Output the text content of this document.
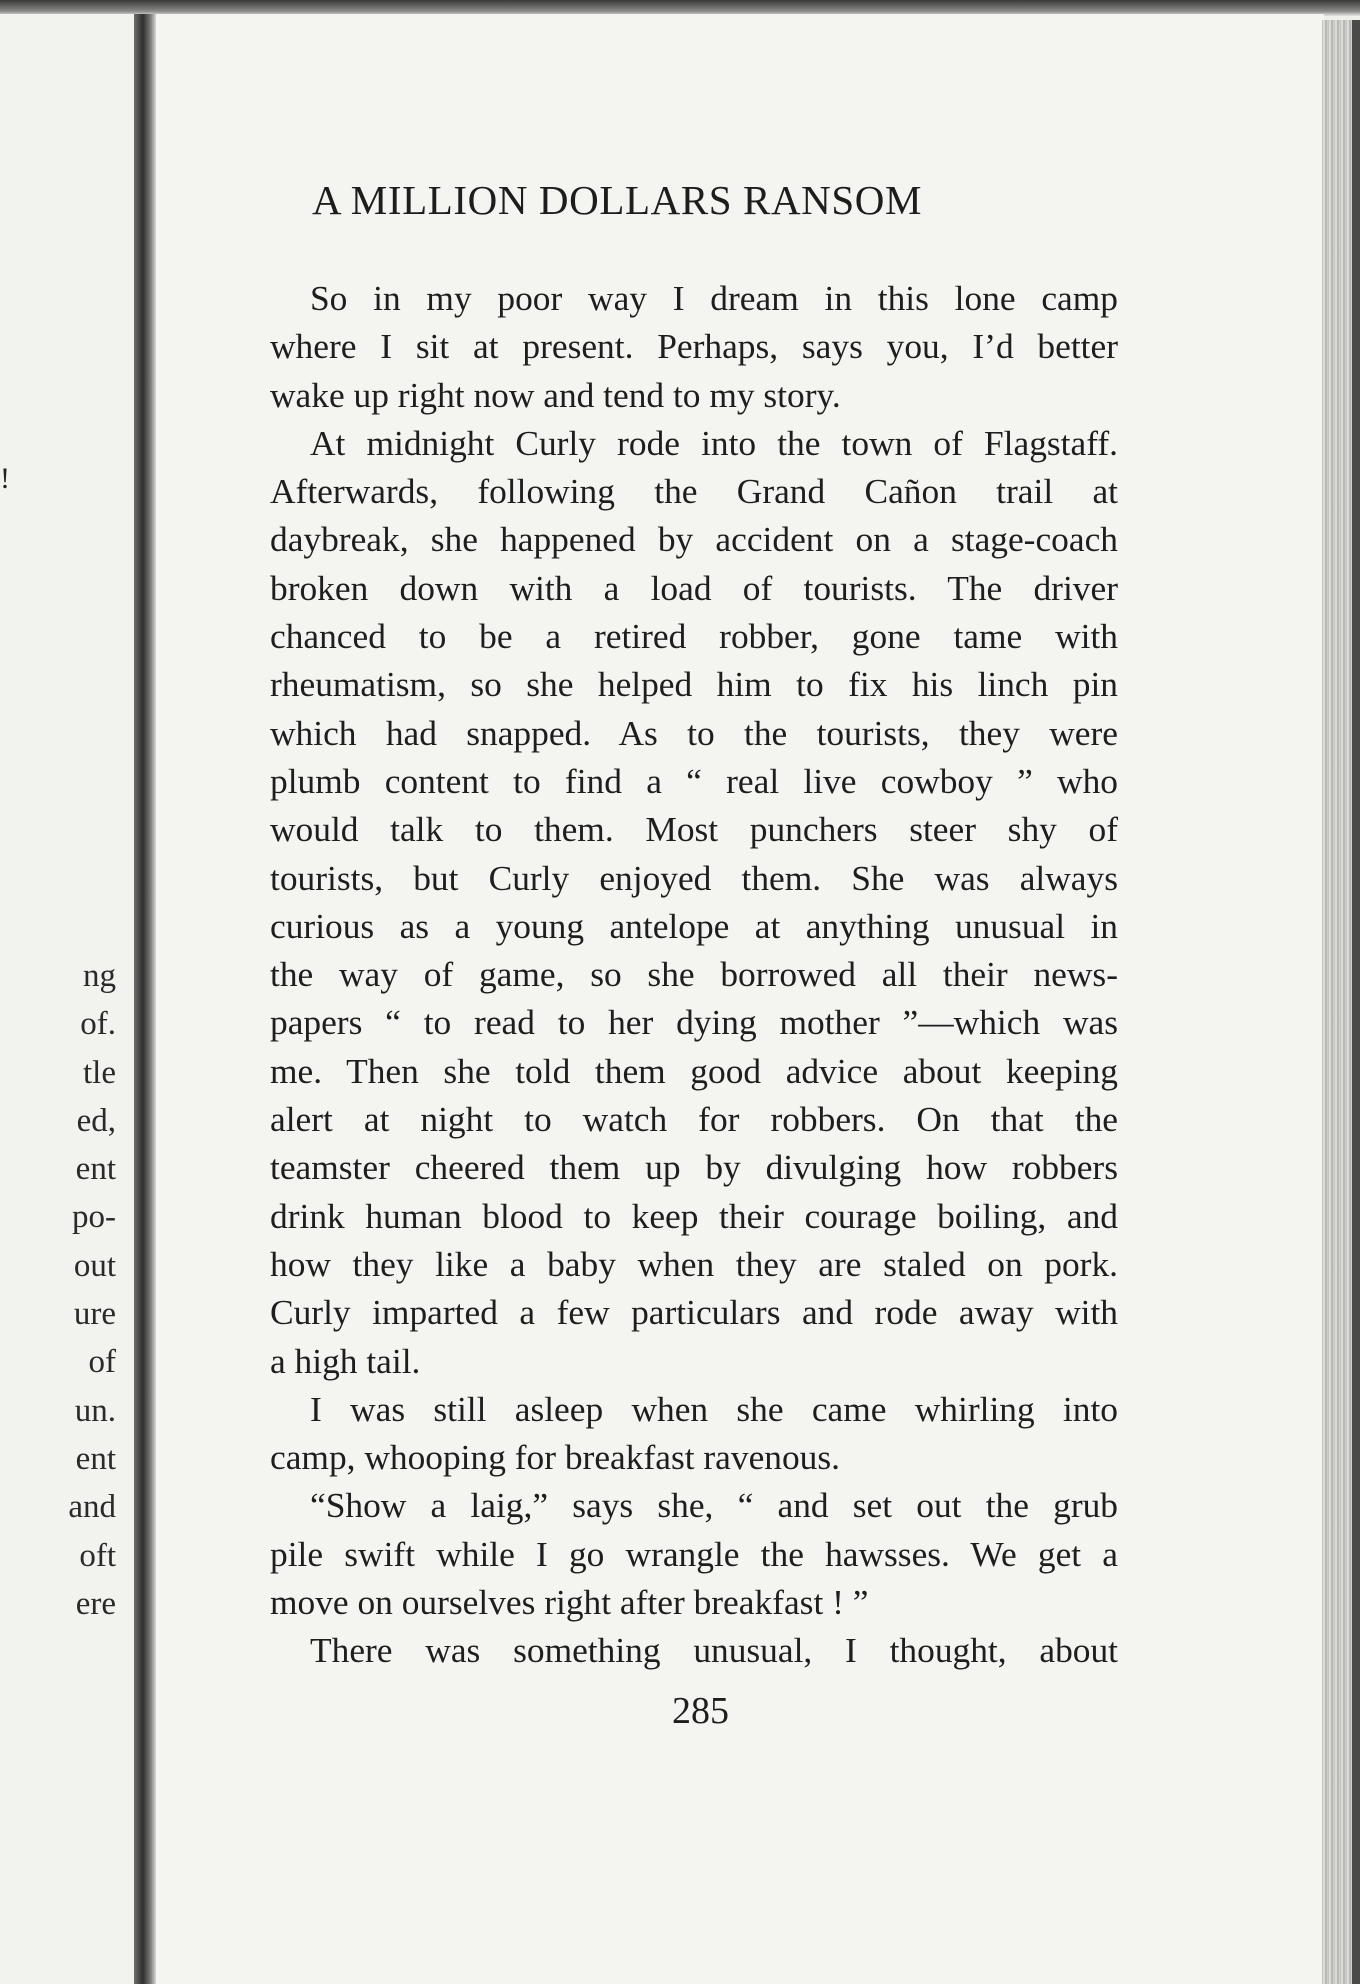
!
ng
of.
tle
ed,
ent
po-
out
ure
of
un.
ent
and
oft
ere
A MILLION DOLLARS RANSOM
So in my poor way I dream in this lone camp
where I sit at present. Perhaps, says you, I’d better
wake up right now and tend to my story.
At midnight Curly rode into the town of Flagstaff.
Afterwards, following the Grand Cañon trail at
daybreak, she happened by accident on a stage-coach
broken down with a load of tourists. The driver
chanced to be a retired robber, gone tame with
rheumatism, so she helped him to fix his linch pin
which had snapped. As to the tourists, they were
plumb content to find a “ real live cowboy ” who
would talk to them. Most punchers steer shy of
tourists, but Curly enjoyed them. She was always
curious as a young antelope at anything unusual in
the way of game, so she borrowed all their news-
papers “ to read to her dying mother ”—which was
me. Then she told them good advice about keeping
alert at night to watch for robbers. On that the
teamster cheered them up by divulging how robbers
drink human blood to keep their courage boiling, and
how they like a baby when they are staled on pork.
Curly imparted a few particulars and rode away with
a high tail.
I was still asleep when she came whirling into
camp, whooping for breakfast ravenous.
“Show a laig,” says she, “ and set out the grub
pile swift while I go wrangle the hawsses. We get a
move on ourselves right after breakfast ! ”
There was something unusual, I thought, about
285
